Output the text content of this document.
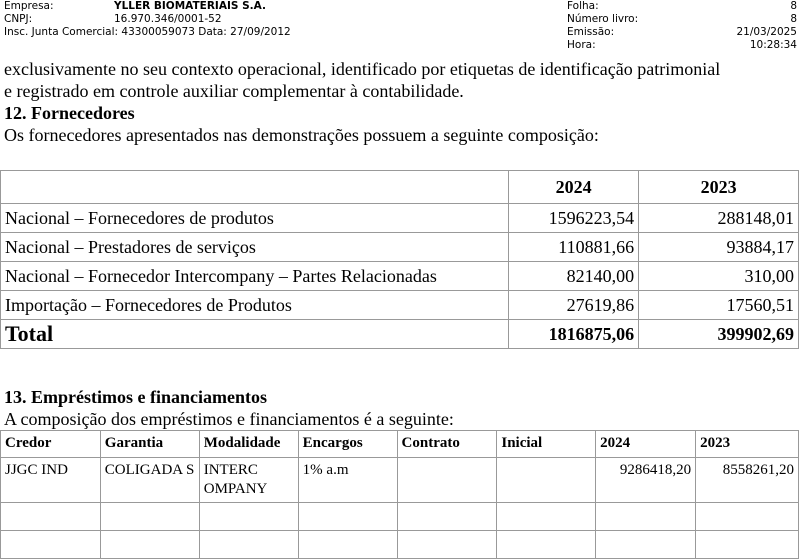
Empresa:	YLLER BIOMATERIAIS S.A.
CNPJ:	16.970.346/0001-52
Insc. Junta Comercial: 43300059073 Data: 27/09/2012
Folha:	8
Número livro:	8
Emissão:	21/03/2025
Hora:	10:28:34

exclusivamente no seu contexto operacional, identificado por etiquetas de identificação patrimonial

e registrado em controle auxiliar complementar à contabilidade.

12. Fornecedores

Os fornecedores apresentados nas demonstrações possuem a seguinte composição:

	2024	2023
Nacional – Fornecedores de produtos	1596223,54	288148,01
Nacional – Prestadores de serviços	110881,66	93884,17
Nacional – Fornecedor Intercompany – Partes Relacionadas	82140,00	310,00
Importação – Fornecedores de Produtos	27619,86	17560,51
Total	1816875,06	399902,69

13. Empréstimos e financiamentos

A composição dos empréstimos e financiamentos é a seguinte:

Credor	Garantia	Modalidade	Encargos	Contrato	Inicial	2024	2023
JJGC IND	COLIGADA S	INTERC OMPANY	1% a.m			9286418,20	8558261,20
